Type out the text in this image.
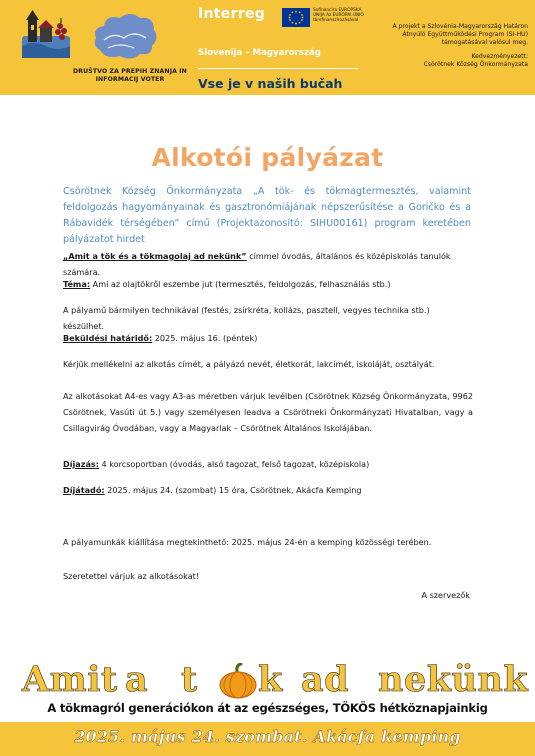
DRUŠTVO ZA PREPIH ZNANJA IN INFORMACIJ VOTER
Interreg	Sofinancira EVROPSKA UNIJA Az EURÓPAI UNIÓ társfinanszírozásával
Slovenija – Magyarország
Vse je v naših bučah

A projekt a Szlovénia-Magyarország Határon

Átnyúló Együttműködési Program (SI-HU)

támogatásával valósul meg.

Kedvezményezett:

Csörötnek Község Önkormányzata

Alkotói pályázat
Csörötnek Község Önkormányzata „A tök- és tökmagtermesztés, valamint feldolgozás hagyományainak és gasztronómiájának népszerűsítése a Goričko és a Rábavidék térségében” című (Projektazonosító: SIHU00161) program keretében pályázatot hirdet
„Amit a tök és a tökmagolaj ad nekünk” címmel óvodás, általános és középiskolás tanulók számára.
Téma: Ami az olajtökről eszembe jut (termesztés, feldolgozás, felhasználás stb.)
A pályamű bármilyen technikával (festés, zsírkréta, kollázs, pasztell, vegyes technika stb.) készülhet.
Beküldési határidő: 2025. május 16. (péntek)
Kérjük mellékelni az alkotás címét, a pályázó nevét, életkorát, lakcímét, iskoláját, osztályát.
Az alkotásokat A4-es vagy A3-as méretben várjuk levélben (Csörötnek Község Önkormányzata, 9962 Csörötnek, Vasúti út 5.) vagy személyesen leadva a Csörötneki Önkormányzati Hivatalban, vagy a Csillagvirág Óvodában, vagy a Magyarlak – Csörötnek Általános Iskolájában.
Díjazás: 4 korcsoportban (óvodás, alsó tagozat, felső tagozat, középiskola)
Díjátadó: 2025. május 24. (szombat) 15 óra, Csörötnek, Akácfa Kemping
A pályamunkák kiállítása megtekinthető: 2025. május 24-én a kemping közösségi terében.
Szeretettel várjuk az alkotásokat!
A szervezők
Amit a t k ad nekünk
A tökmagról generációkon át az egészséges, TÖKÖS hétköznapjainkig
2025. május 24. szombat. Akácfa kemping
